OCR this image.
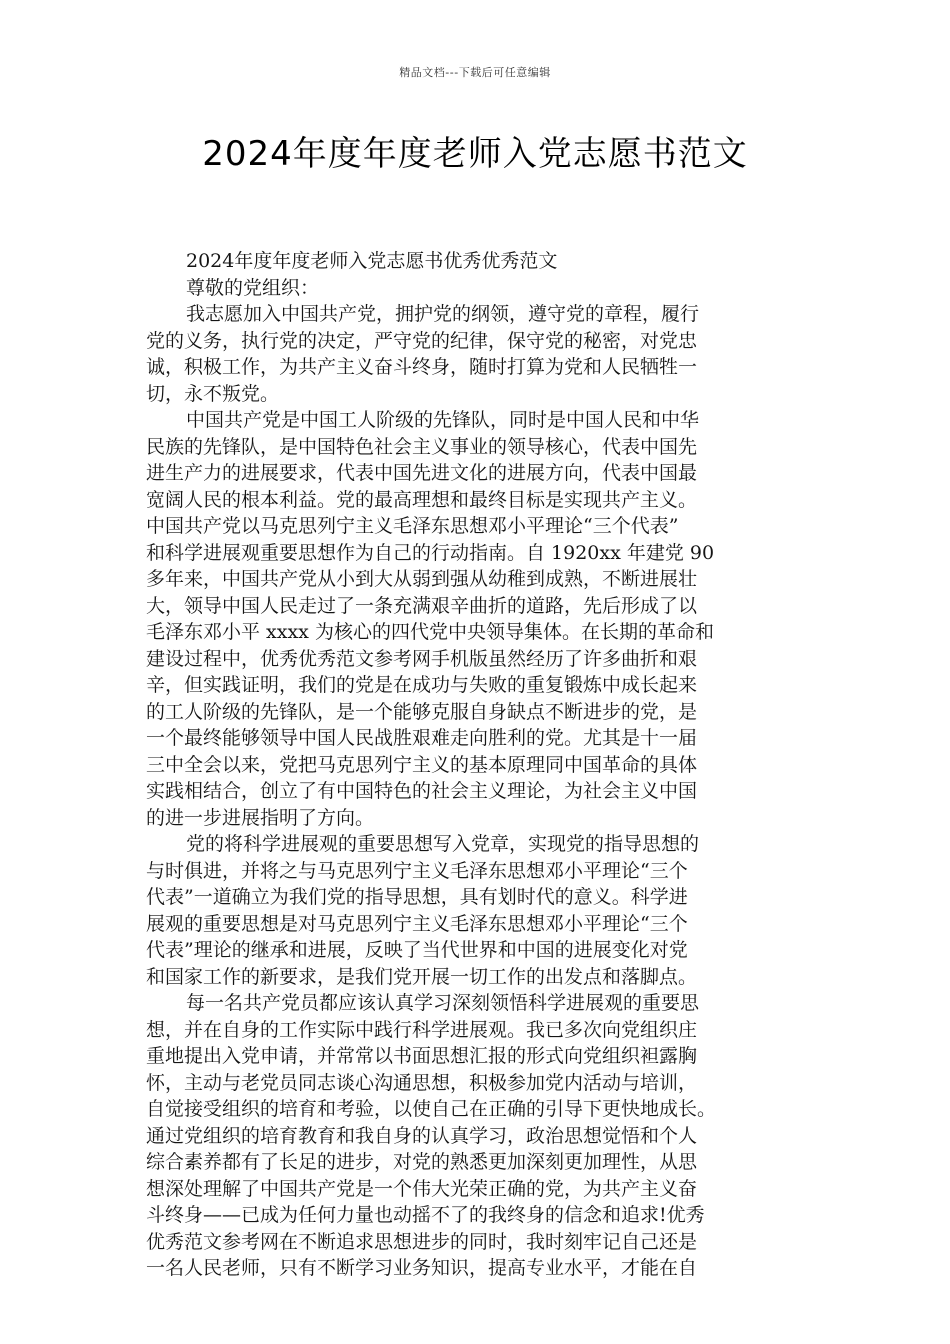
精品文档---下载后可任意编辑
2024年度年度老师入党志愿书范文
2024年度年度老师入党志愿书优秀优秀范文
尊敬的党组织：
我志愿加入中国共产党，拥护党的纲领，遵守党的章程，履行
党的义务，执行党的决定，严守党的纪律，保守党的秘密，对党忠
诚，积极工作，为共产主义奋斗终身，随时打算为党和人民牺牲一
切，永不叛党。
中国共产党是中国工人阶级的先锋队，同时是中国人民和中华
民族的先锋队，是中国特色社会主义事业的领导核心，代表中国先
进生产力的进展要求，代表中国先进文化的进展方向，代表中国最
宽阔人民的根本利益。党的最高理想和最终目标是实现共产主义。
中国共产党以马克思列宁主义毛泽东思想邓小平理论“三个代表”
和科学进展观重要思想作为自己的行动指南。自 1920xx 年建党 90
多年来，中国共产党从小到大从弱到强从幼稚到成熟，不断进展壮
大，领导中国人民走过了一条充满艰辛曲折的道路，先后形成了以
毛泽东邓小平 xxxx 为核心的四代党中央领导集体。在长期的革命和
建设过程中，优秀优秀范文参考网手机版虽然经历了许多曲折和艰
辛，但实践证明，我们的党是在成功与失败的重复锻炼中成长起来
的工人阶级的先锋队，是一个能够克服自身缺点不断进步的党，是
一个最终能够领导中国人民战胜艰难走向胜利的党。尤其是十一届
三中全会以来，党把马克思列宁主义的基本原理同中国革命的具体
实践相结合，创立了有中国特色的社会主义理论，为社会主义中国
的进一步进展指明了方向。
党的将科学进展观的重要思想写入党章，实现党的指导思想的
与时俱进，并将之与马克思列宁主义毛泽东思想邓小平理论“三个
代表”一道确立为我们党的指导思想，具有划时代的意义。科学进
展观的重要思想是对马克思列宁主义毛泽东思想邓小平理论“三个
代表”理论的继承和进展，反映了当代世界和中国的进展变化对党
和国家工作的新要求，是我们党开展一切工作的出发点和落脚点。
每一名共产党员都应该认真学习深刻领悟科学进展观的重要思
想，并在自身的工作实际中践行科学进展观。我已多次向党组织庄
重地提出入党申请，并常常以书面思想汇报的形式向党组织袒露胸
怀，主动与老党员同志谈心沟通思想，积极参加党内活动与培训，
自觉接受组织的培育和考验，以使自己在正确的引导下更快地成长。
通过党组织的培育教育和我自身的认真学习，政治思想觉悟和个人
综合素养都有了长足的进步，对党的熟悉更加深刻更加理性，从思
想深处理解了中国共产党是一个伟大光荣正确的党，为共产主义奋
斗终身——已成为任何力量也动摇不了的我终身的信念和追求!优秀
优秀范文参考网在不断追求思想进步的同时，我时刻牢记自己还是
一名人民老师，只有不断学习业务知识，提高专业水平，才能在自
